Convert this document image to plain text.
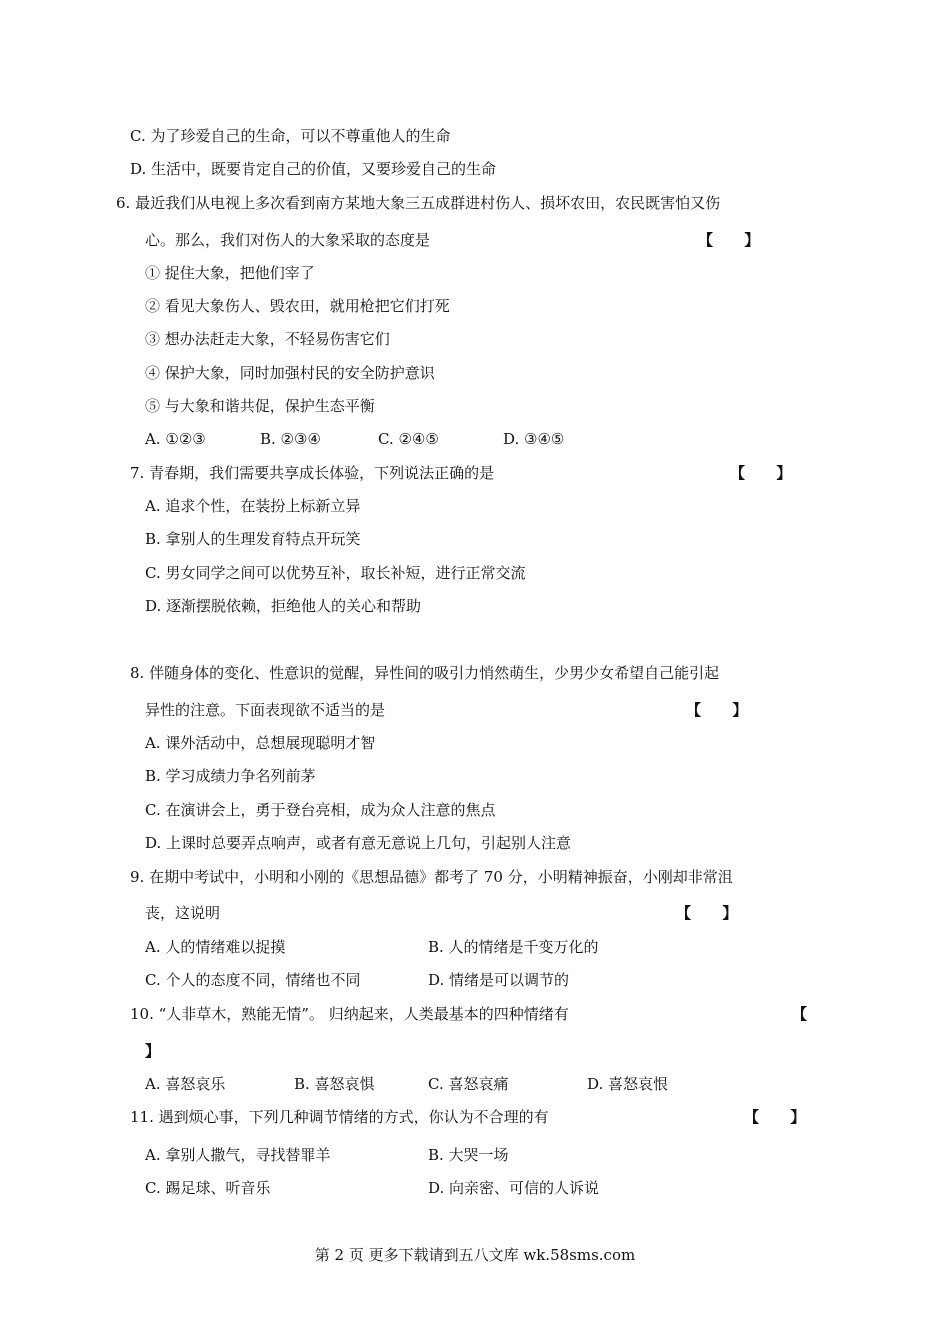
C. 为了珍爱自己的生命，可以不尊重他人的生命
D. 生活中，既要肯定自己的价值，又要珍爱自己的生命
6. 最近我们从电视上多次看到南方某地大象三五成群进村伤人、损坏农田，农民既害怕又伤
心。那么，我们对伤人的大象采取的态度是	【      】
① 捉住大象，把他们宰了
② 看见大象伤人、毁农田，就用枪把它们打死
③ 想办法赶走大象，不轻易伤害它们
④ 保护大象，同时加强村民的安全防护意识
⑤ 与大象和谐共促，保护生态平衡
A. ①②③	B. ②③④	C. ②④⑤	D. ③④⑤
7. 青春期，我们需要共享成长体验，下列说法正确的是	【      】
A. 追求个性，在装扮上标新立异
B. 拿别人的生理发育特点开玩笑
C. 男女同学之间可以优势互补，取长补短，进行正常交流
D. 逐渐摆脱依赖，拒绝他人的关心和帮助
8. 伴随身体的变化、性意识的觉醒，异性间的吸引力悄然萌生，少男少女希望自己能引起
异性的注意。下面表现欲不适当的是	【      】
A. 课外活动中，总想展现聪明才智
B. 学习成绩力争名列前茅
C. 在演讲会上，勇于登台亮相，成为众人注意的焦点
D. 上课时总要弄点响声，或者有意无意说上几句，引起别人注意
9. 在期中考试中，小明和小刚的《思想品德》都考了 70 分，小明精神振奋，小刚却非常沮
丧，这说明	【      】
A. 人的情绪难以捉摸	B. 人的情绪是千变万化的
C. 个人的态度不同，情绪也不同	D. 情绪是可以调节的
10. “人非草木，熟能无情”。 归纳起来，人类最基本的四种情绪有	【
】
A. 喜怒哀乐	B. 喜怒哀惧	C. 喜怒哀痛	D. 喜怒哀恨
11. 遇到烦心事，下列几种调节情绪的方式，你认为不合理的有	【      】
A. 拿别人撒气，寻找替罪羊	B. 大哭一场
C. 踢足球、听音乐	D. 向亲密、可信的人诉说
第 2 页 更多下载请到五八文库 wk.58sms.com
